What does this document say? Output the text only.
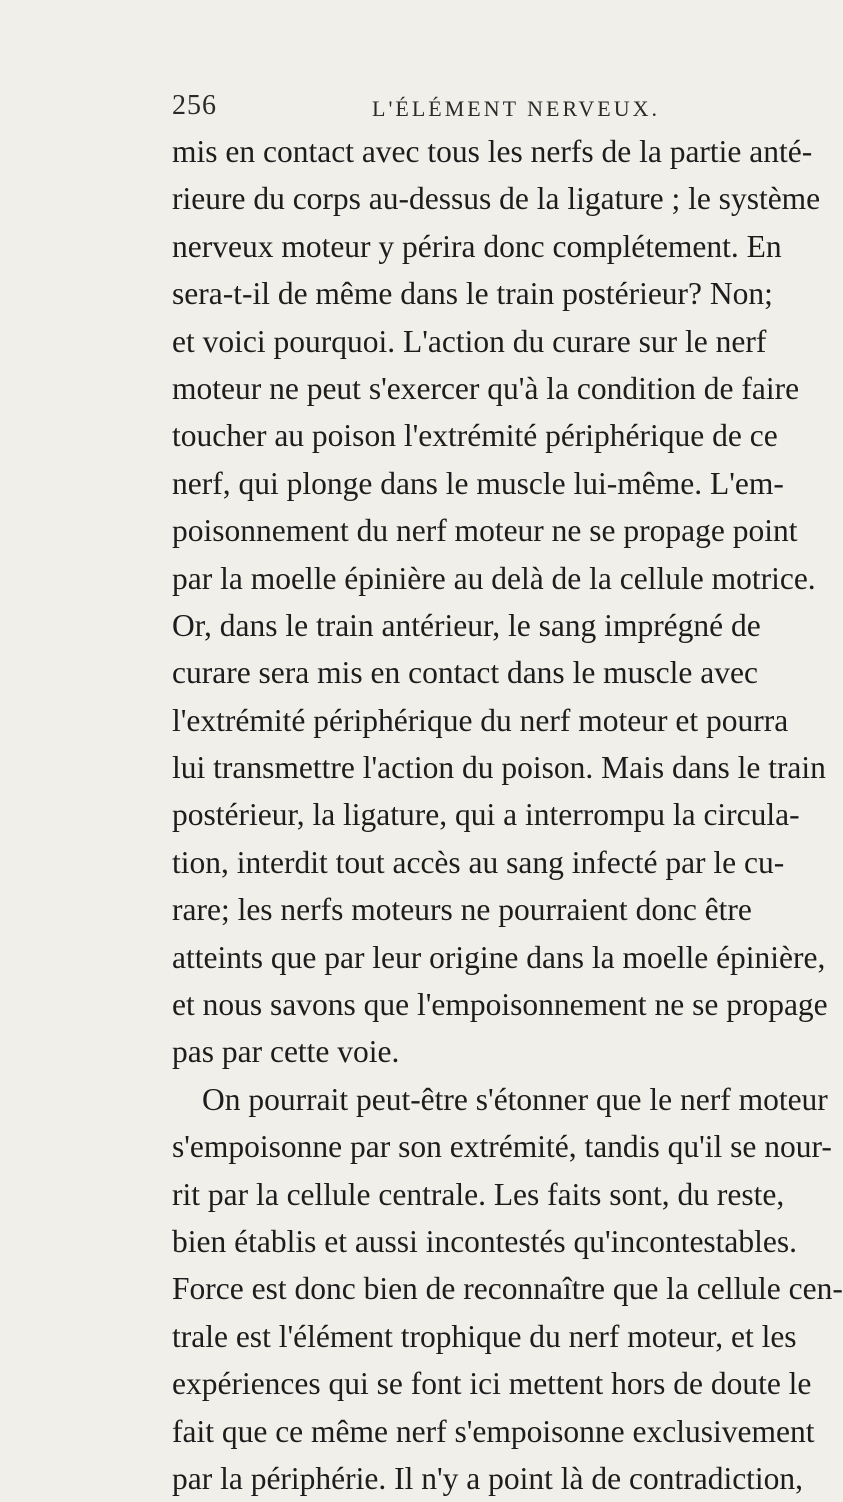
256	L'ÉLÉMENT NERVEUX.
mis en contact avec tous les nerfs de la partie anté-
rieure du corps au-dessus de la ligature ; le système
nerveux moteur y périra donc complétement. En
sera-t-il de même dans le train postérieur? Non;
et voici pourquoi. L'action du curare sur le nerf
moteur ne peut s'exercer qu'à la condition de faire
toucher au poison l'extrémité périphérique de ce
nerf, qui plonge dans le muscle lui-même. L'em-
poisonnement du nerf moteur ne se propage point
par la moelle épinière au delà de la cellule motrice.
Or, dans le train antérieur, le sang imprégné de
curare sera mis en contact dans le muscle avec
l'extrémité périphérique du nerf moteur et pourra
lui transmettre l'action du poison. Mais dans le train
postérieur, la ligature, qui a interrompu la circula-
tion, interdit tout accès au sang infecté par le cu-
rare; les nerfs moteurs ne pourraient donc être
atteints que par leur origine dans la moelle épinière,
et nous savons que l'empoisonnement ne se propage
pas par cette voie.
On pourrait peut-être s'étonner que le nerf moteur
s'empoisonne par son extrémité, tandis qu'il se nour-
rit par la cellule centrale. Les faits sont, du reste,
bien établis et aussi incontestés qu'incontestables.
Force est donc bien de reconnaître que la cellule cen-
trale est l'élément trophique du nerf moteur, et les
expériences qui se font ici mettent hors de doute le
fait que ce même nerf s'empoisonne exclusivement
par la périphérie. Il n'y a point là de contradiction,
